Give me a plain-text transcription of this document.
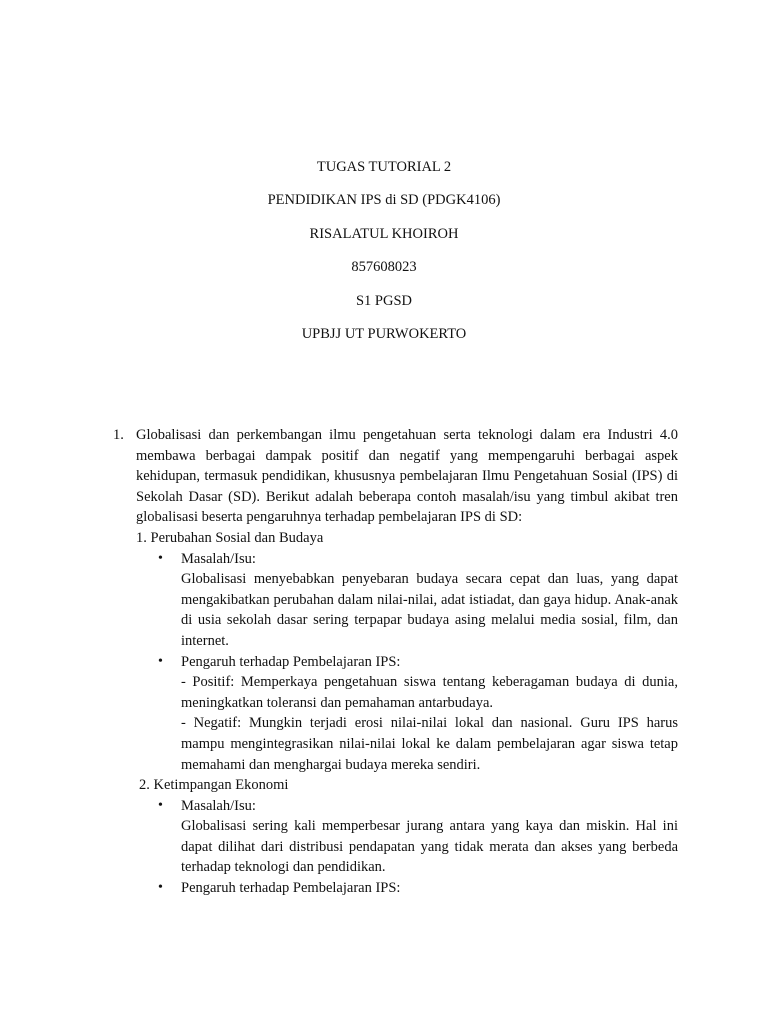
TUGAS TUTORIAL 2
PENDIDIKAN IPS di SD (PDGK4106)
RISALATUL KHOIROH
857608023
S1 PGSD
UPBJJ UT PURWOKERTO
1. Globalisasi dan perkembangan ilmu pengetahuan serta teknologi dalam era Industri 4.0 membawa berbagai dampak positif dan negatif yang mempengaruhi berbagai aspek kehidupan, termasuk pendidikan, khususnya pembelajaran Ilmu Pengetahuan Sosial (IPS) di Sekolah Dasar (SD). Berikut adalah beberapa contoh masalah/isu yang timbul akibat tren globalisasi beserta pengaruhnya terhadap pembelajaran IPS di SD:

1. Perubahan Sosial dan Budaya

• Masalah/Isu:

Globalisasi menyebabkan penyebaran budaya secara cepat dan luas, yang dapat mengakibatkan perubahan dalam nilai-nilai, adat istiadat, dan gaya hidup. Anak-anak di usia sekolah dasar sering terpapar budaya asing melalui media sosial, film, dan internet.

• Pengaruh terhadap Pembelajaran IPS:

- Positif: Memperkaya pengetahuan siswa tentang keberagaman budaya di dunia, meningkatkan toleransi dan pemahaman antarbudaya.

- Negatif: Mungkin terjadi erosi nilai-nilai lokal dan nasional. Guru IPS harus mampu mengintegrasikan nilai-nilai lokal ke dalam pembelajaran agar siswa tetap memahami dan menghargai budaya mereka sendiri.

2. Ketimpangan Ekonomi

• Masalah/Isu:

Globalisasi sering kali memperbesar jurang antara yang kaya dan miskin. Hal ini dapat dilihat dari distribusi pendapatan yang tidak merata dan akses yang berbeda terhadap teknologi dan pendidikan.

• Pengaruh terhadap Pembelajaran IPS:
